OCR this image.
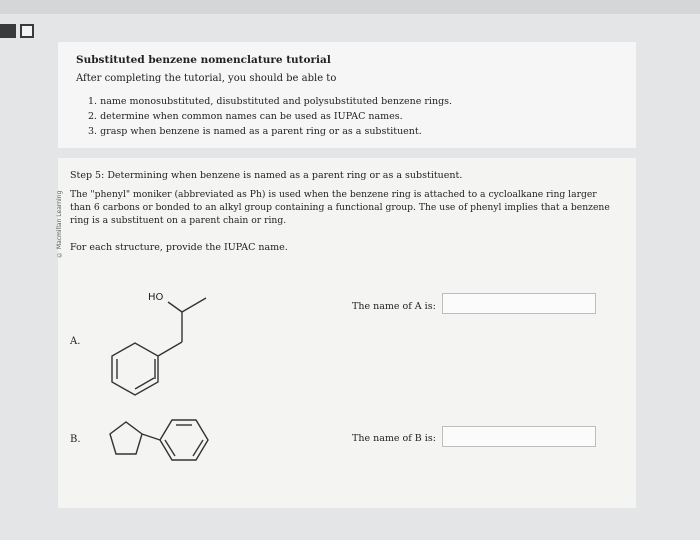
Substituted benzene nomenclature tutorial
After completing the tutorial, you should be able to
1. name monosubstituted, disubstituted and polysubstituted benzene rings.
2. determine when common names can be used as IUPAC names.
3. grasp when benzene is named as a parent ring or as a substituent.
© Macmillan Learning
Step 5: Determining when benzene is named as a parent ring or as a substituent.
The "phenyl" moniker (abbreviated as Ph) is used when the benzene ring is attached to a cycloalkane ring larger than 6 carbons or bonded to an alkyl group containing a functional group. The use of phenyl implies that a benzene ring is a substituent on a parent chain or ring.
For each structure, provide the IUPAC name.
A.
HO
The name of A is:
B.	The name of B is:
